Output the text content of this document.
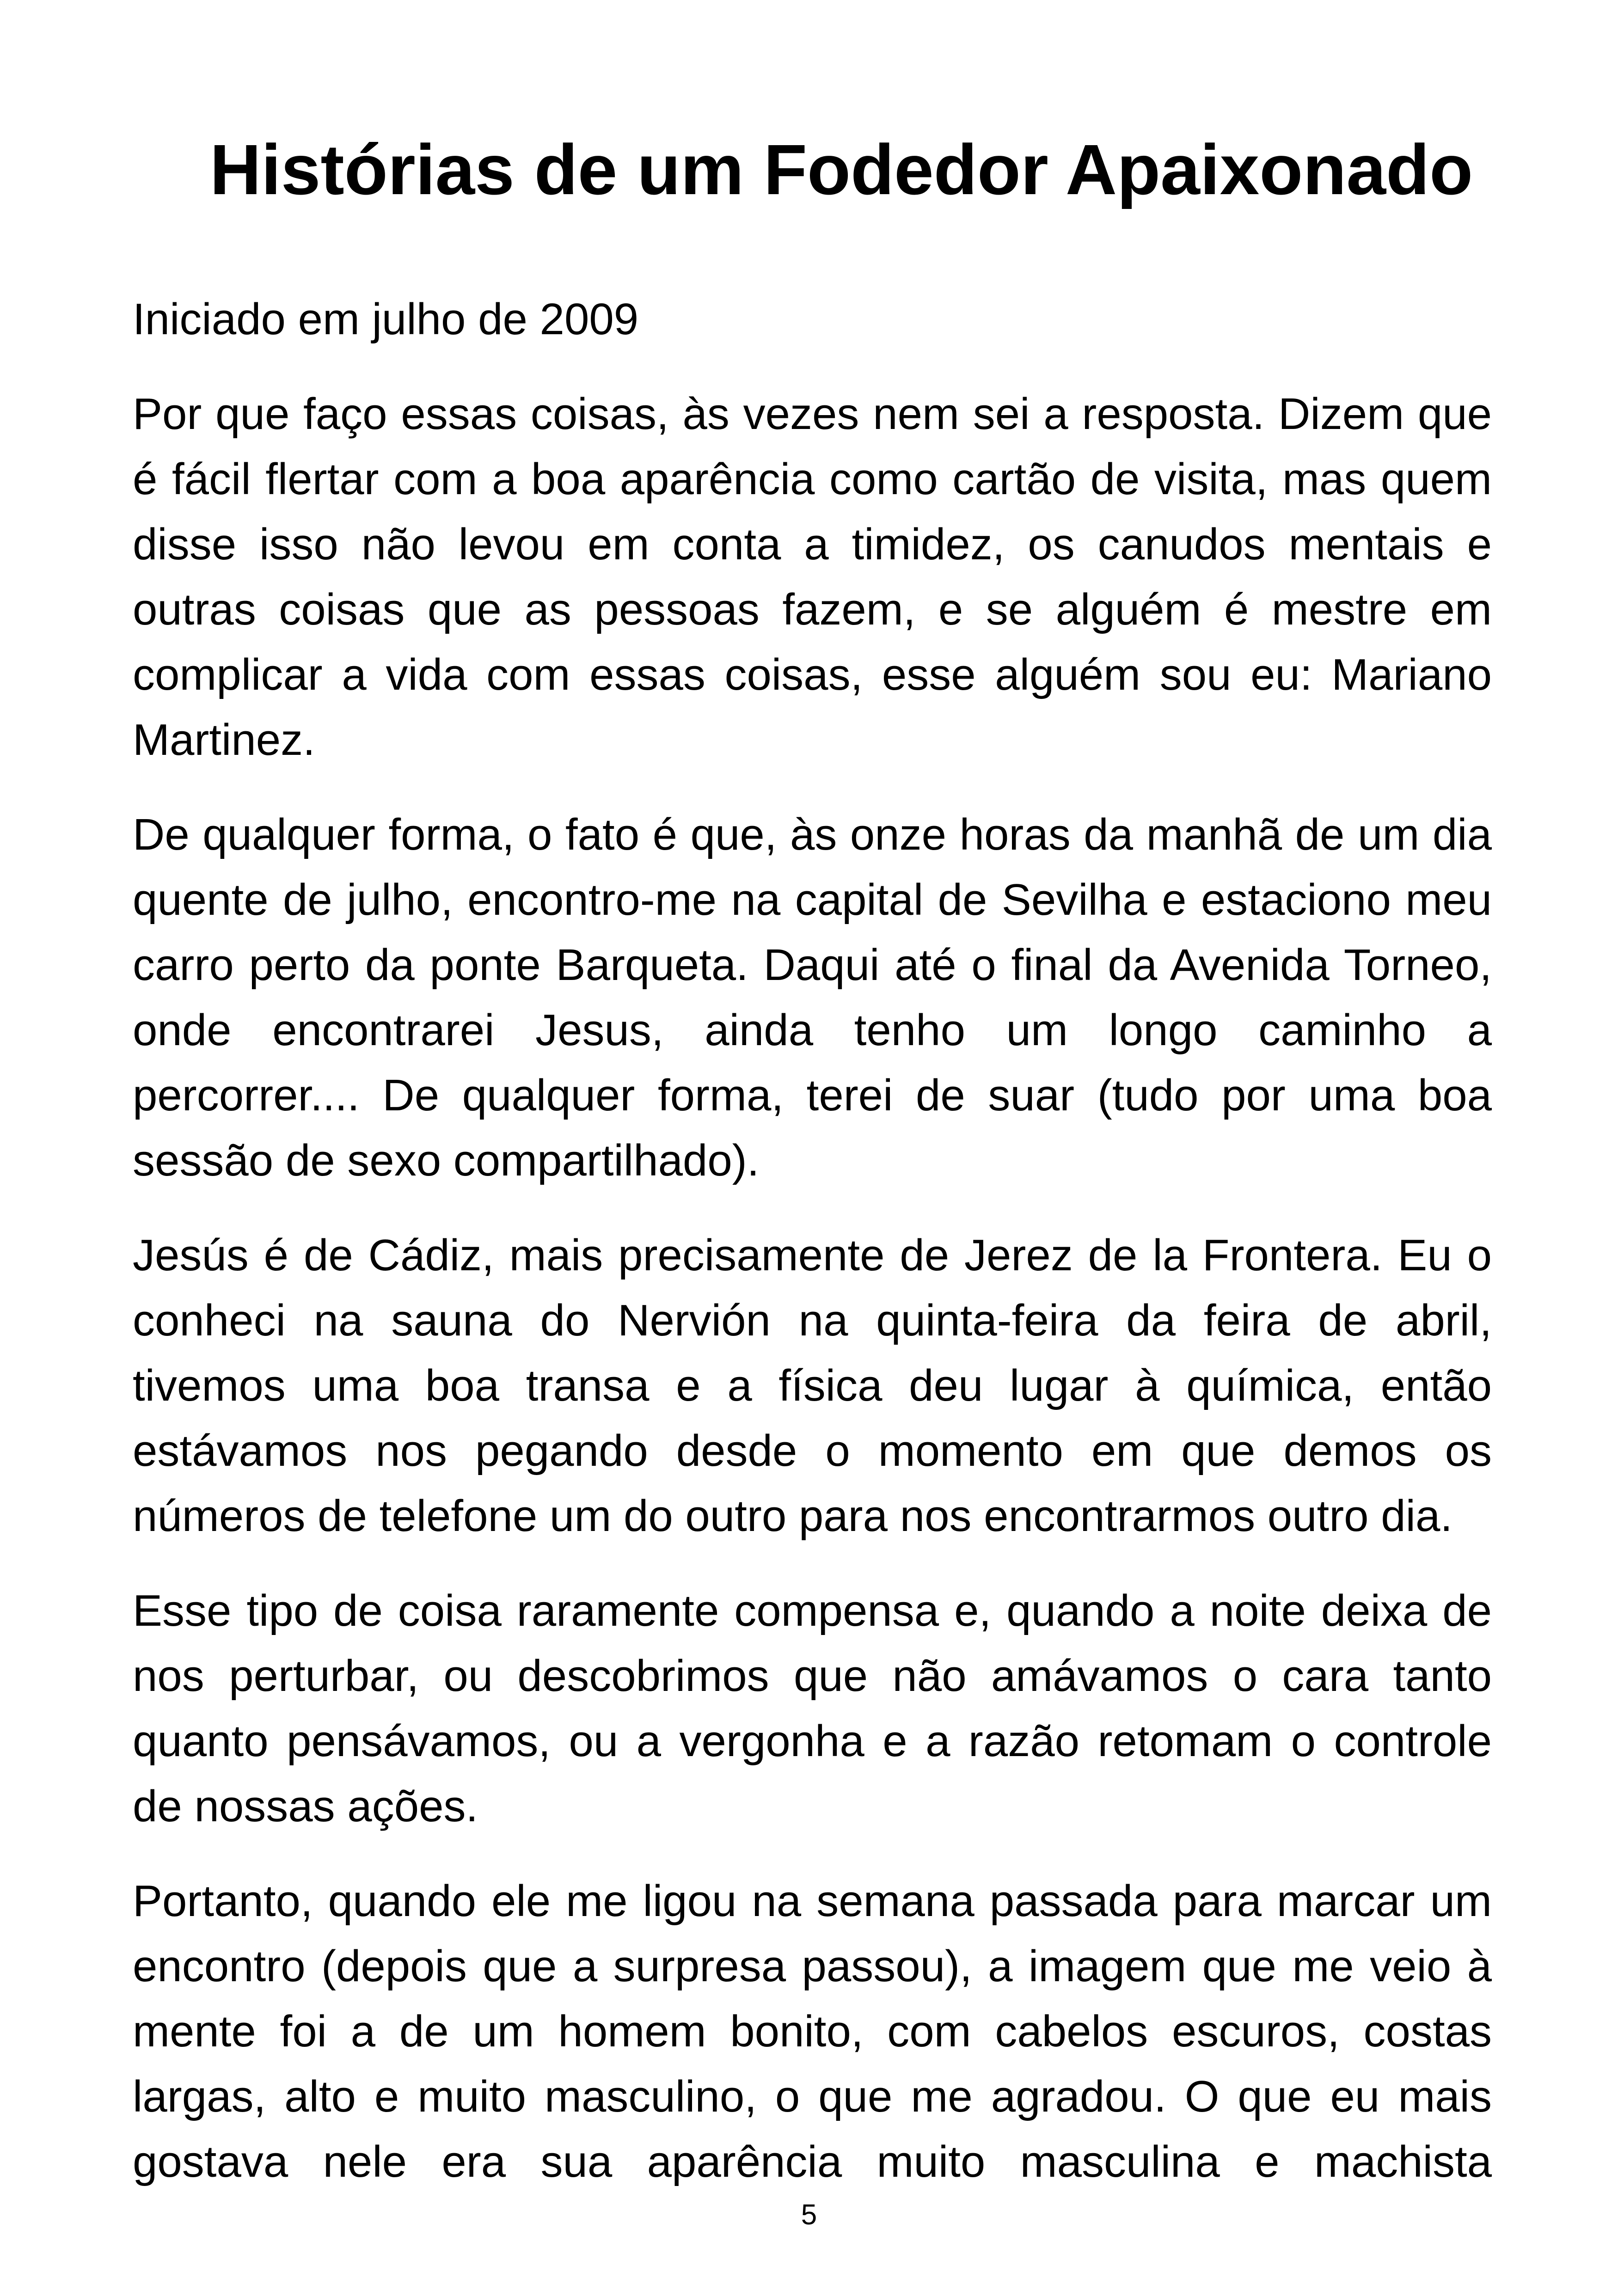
Histórias de um Fodedor Apaixonado

Iniciado em julho de 2009

Por que faço essas coisas, às vezes nem sei a resposta. Dizem que é fácil flertar com a boa aparência como cartão de visita, mas quem disse isso não levou em conta a timidez, os canudos mentais e outras coisas que as pessoas fazem, e se alguém é mestre em complicar a vida com essas coisas, esse alguém sou eu: Mariano Martinez.

De qualquer forma, o fato é que, às onze horas da manhã de um dia quente de julho, encontro-me na capital de Sevilha e estaciono meu carro perto da ponte Barqueta. Daqui até o final da Avenida Torneo, onde encontrarei Jesus, ainda tenho um longo caminho a percorrer.... De qualquer forma, terei de suar (tudo por uma boa sessão de sexo compartilhado).

Jesús é de Cádiz, mais precisamente de Jerez de la Frontera. Eu o conheci na sauna do Nervión na quinta-feira da feira de abril, tivemos uma boa transa e a física deu lugar à química, então estávamos nos pegando desde o momento em que demos os números de telefone um do outro para nos encontrarmos outro dia.

Esse tipo de coisa raramente compensa e, quando a noite deixa de nos perturbar, ou descobrimos que não amávamos o cara tanto quanto pensávamos, ou a vergonha e a razão retomam o controle de nossas ações.

Portanto, quando ele me ligou na semana passada para marcar um encontro (depois que a surpresa passou), a imagem que me veio à mente foi a de um homem bonito, com cabelos escuros, costas largas, alto e muito masculino, o que me agradou. O que eu mais gostava nele era sua aparência muito masculina e machista

5
